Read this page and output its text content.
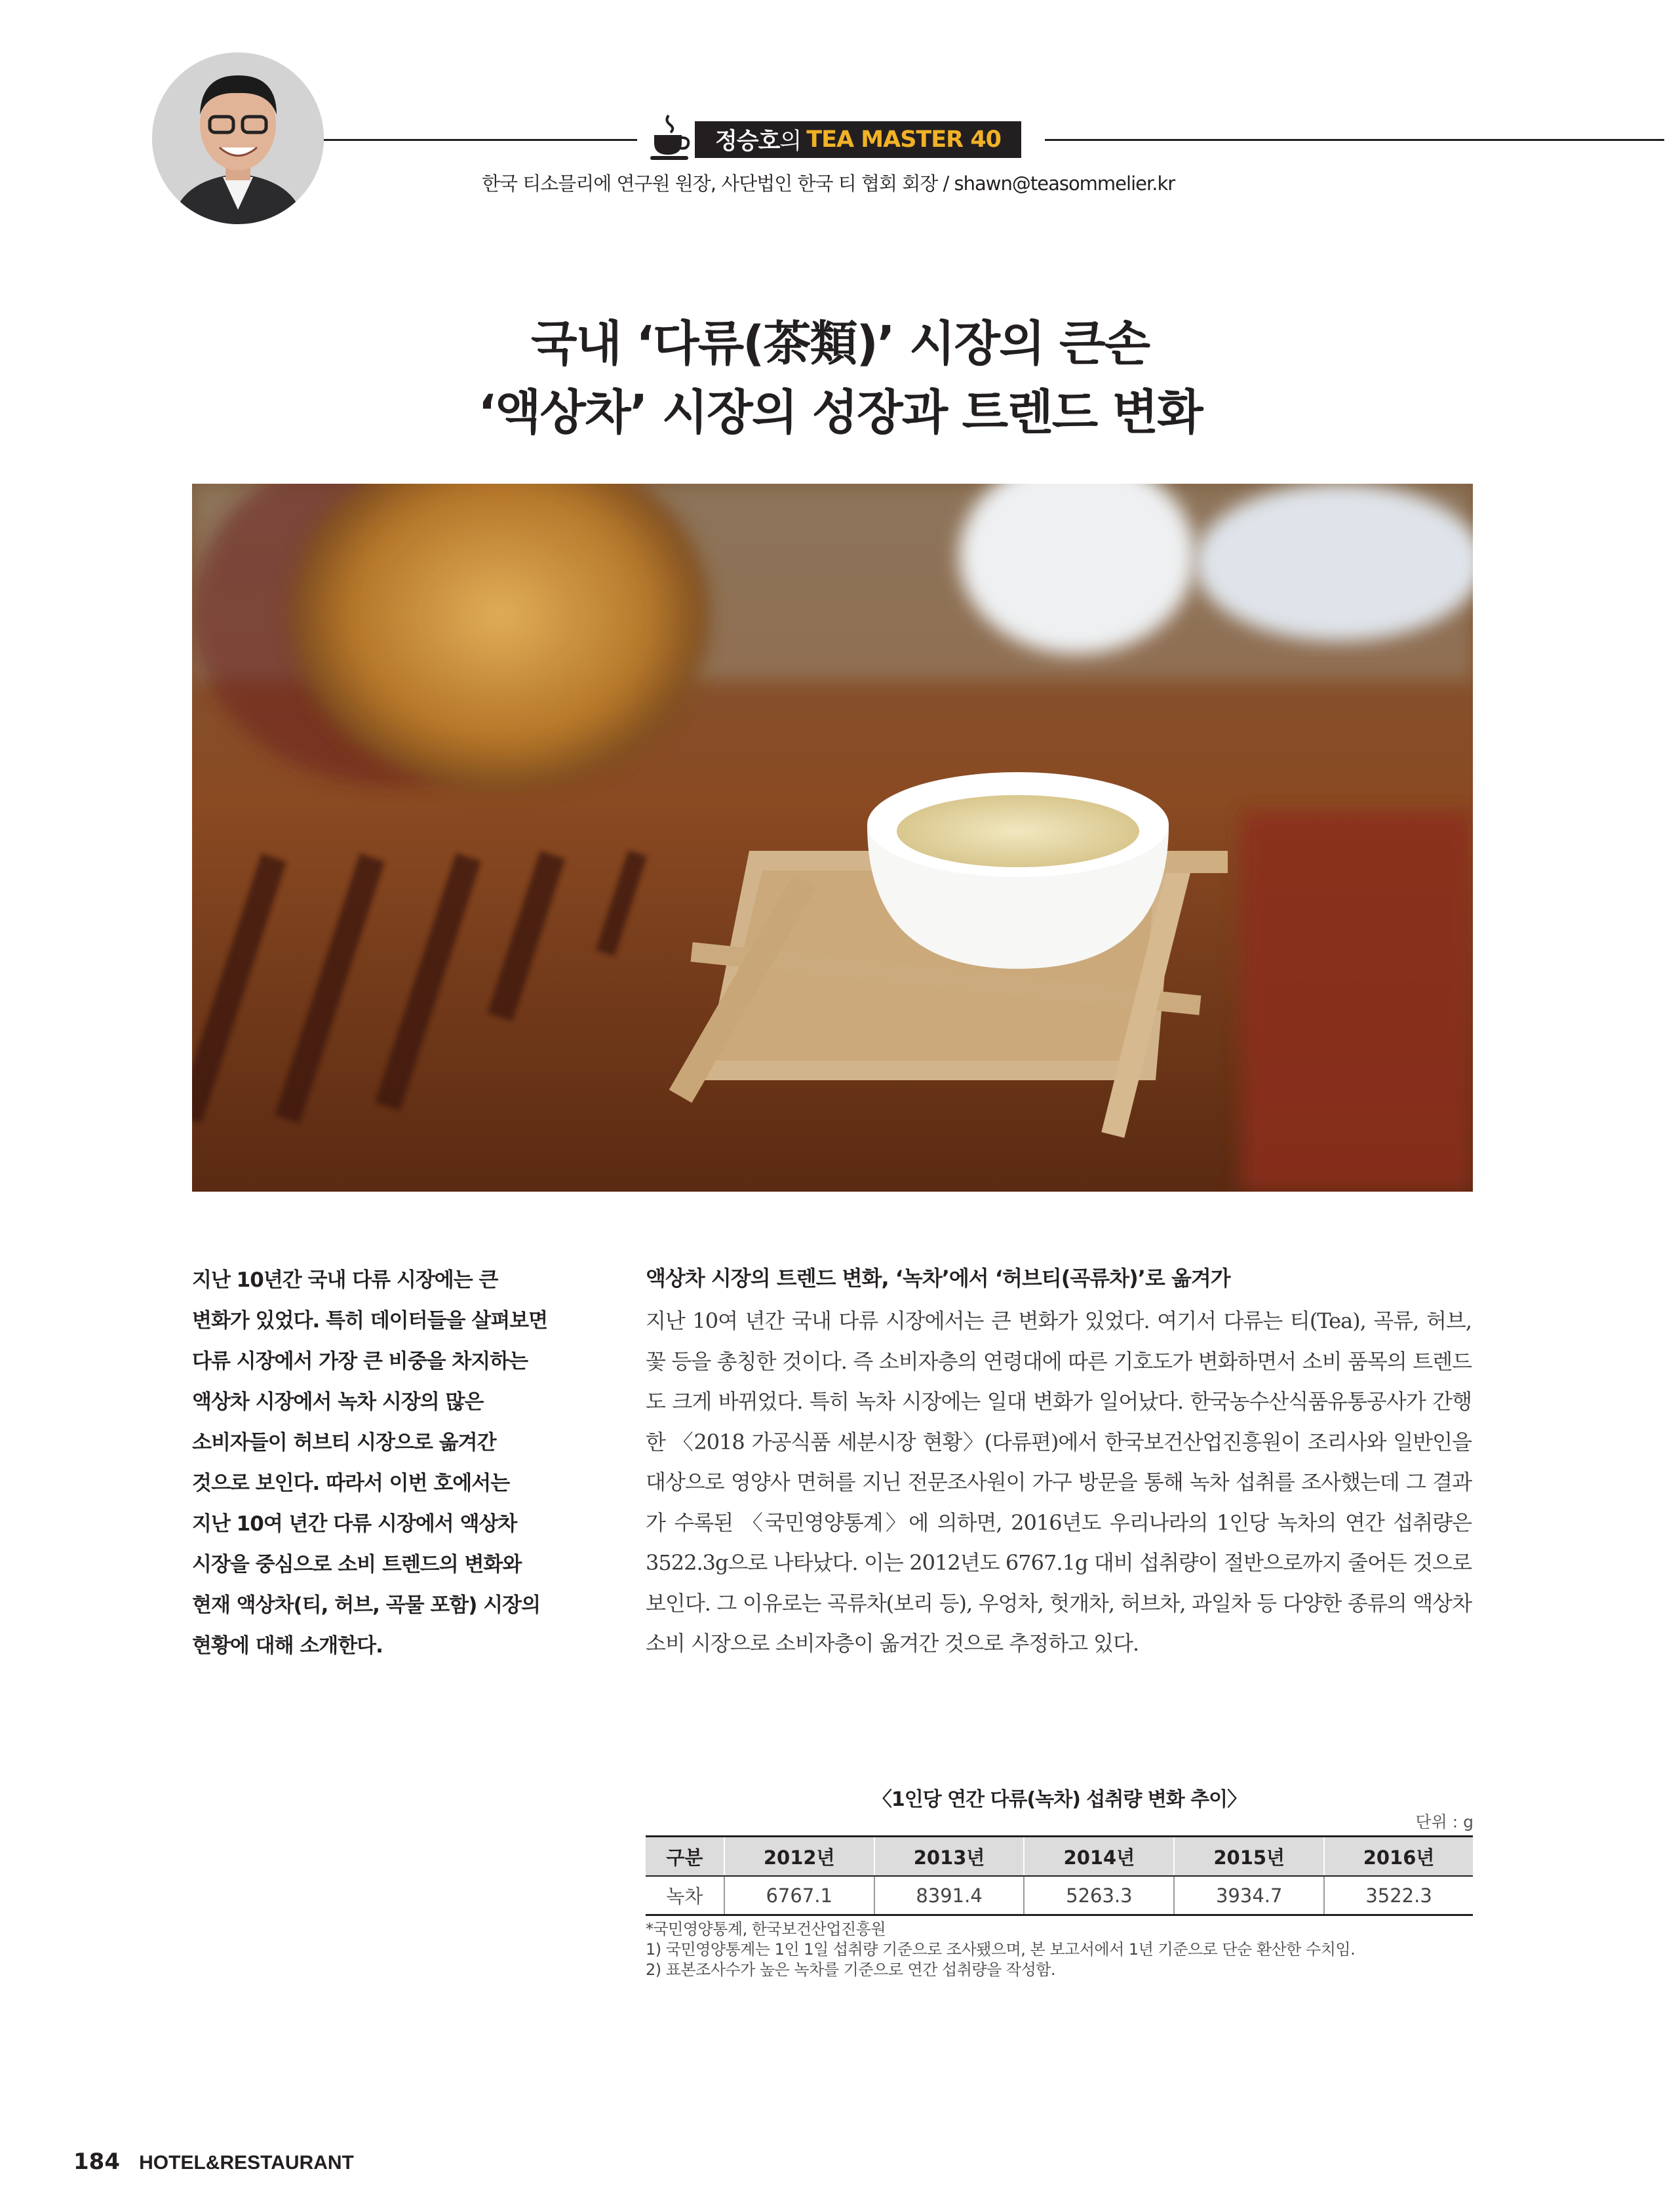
정승호 의 TEA MASTER 40
한국 티소믈리에 연구원 원장, 사단법인 한국 티 협회 회장 / shawn@teasommelier.kr
국내 ‘다류(茶類)’ 시장의 큰손
‘액상차’ 시장의 성장과 트렌드 변화
지난 10년간 국내 다류 시장에는 큰
변화가 있었다. 특히 데이터들을 살펴보면
다류 시장에서 가장 큰 비중을 차지하는
액상차 시장에서 녹차 시장의 많은
소비자들이 허브티 시장으로 옮겨간
것으로 보인다. 따라서 이번 호에서는
지난 10여 년간 다류 시장에서 액상차
시장을 중심으로 소비 트렌드의 변화와
현재 액상차(티, 허브, 곡물 포함) 시장의
현황에 대해 소개한다.
액상차 시장의 트렌드 변화, ‘녹차’에서 ‘허브티(곡류차)’로 옮겨가
지난 10여 년간 국내 다류 시장에서는 큰 변화가 있었다. 여기서 다류는 티(Tea), 곡류, 허브, 꽃 등을 총칭한 것이다. 즉 소비자층의 연령대에 따른 기호도가 변화하면서 소비 품목의 트렌드도 크게 바뀌었다. 특히 녹차 시장에는 일대 변화가 일어났다. 한국농수산식품유통공사가 간행한 〈2018 가공식품 세분시장 현황〉(다류편)에서 한국보건산업진흥원이 조리사와 일반인을 대상으로 영양사 면허를 지닌 전문조사원이 가구 방문을 통해 녹차 섭취를 조사했는데 그 결과가 수록된 〈국민영양통계〉에 의하면, 2016년도 우리나라의 1인당 녹차의 연간 섭취량은 3522.3g으로 나타났다. 이는 2012년도 6767.1g 대비 섭취량이 절반으로까지 줄어든 것으로 보인다. 그 이유로는 곡류차(보리 등), 우엉차, 헛개차, 허브차, 과일차 등 다양한 종류의 액상차 소비 시장으로 소비자층이 옮겨간 것으로 추정하고 있다.
〈1인당 연간 다류(녹차) 섭취량 변화 추이〉
단위 : g
구분	2012년	2013년	2014년	2015년	2016년
녹차	6767.1	8391.4	5263.3	3934.7	3522.3
*국민영양통계, 한국보건산업진흥원
1) 국민영양통계는 1인 1일 섭취량 기준으로 조사됐으며, 본 보고서에서 1년 기준으로 단순 환산한 수치임.
2) 표본조사수가 높은 녹차를 기준으로 연간 섭취량을 작성함.
184 HOTEL&RESTAURANT
